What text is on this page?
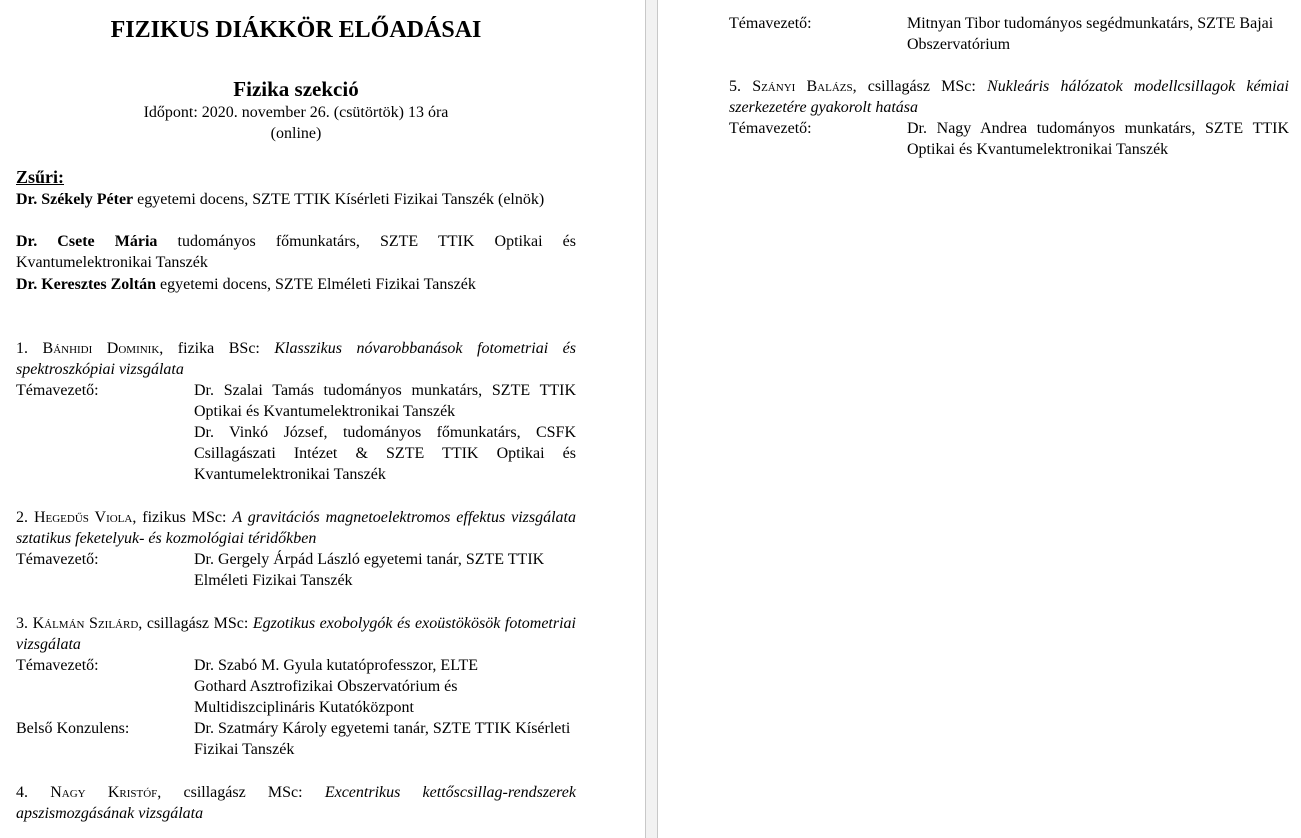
FIZIKUS DIÁKKÖR ELŐADÁSAI
Fizika szekció
Időpont: 2020. november 26. (csütörtök) 13 óra
(online)
Zsűri:
Dr. Székely Péter egyetemi docens, SZTE TTIK Kísérleti Fizikai Tanszék (elnök)
Dr. Csete Mária tudományos főmunkatárs, SZTE TTIK Optikai és Kvantumelektronikai Tanszék
Dr. Keresztes Zoltán egyetemi docens, SZTE Elméleti Fizikai Tanszék
1. Bánhidi Dominik, fizika BSc: Klasszikus nóvarobbanások fotometriai és spektroszkópiai vizsgálata
Témavezető:	Dr. Szalai Tamás tudományos munkatárs, SZTE TTIK Optikai és Kvantumelektronikai Tanszék
Dr. Vinkó József, tudományos főmunkatárs, CSFK Csillagászati Intézet & SZTE TTIK Optikai és Kvantumelektronikai Tanszék
2. Hegedűs Viola, fizikus MSc: A gravitációs magnetoelektromos effektus vizsgálata sztatikus feketelyuk- és kozmológiai téridőkben
Témavezető:	Dr. Gergely Árpád László egyetemi tanár, SZTE TTIK Elméleti Fizikai Tanszék
3. Kálmán Szilárd, csillagász MSc: Egzotikus exobolygók és exoüstökösök fotometriai vizsgálata
Témavezető:	Dr. Szabó M. Gyula kutatóprofesszor, ELTE Gothard Asztrofizikai Obszervatórium és Multidiszciplináris Kutatóközpont
Belső Konzulens:	Dr. Szatmáry Károly egyetemi tanár, SZTE TTIK Kísérleti Fizikai Tanszék
4. Nagy Kristóf, csillagász MSc: Excentrikus kettőscsillag-rendszerek apszismozgásának vizsgálata
Témavezető:	Mitnyan Tibor tudományos segédmunkatárs, SZTE Bajai Obszervatórium
5. Szányi Balázs, csillagász MSc: Nukleáris hálózatok modellcsillagok kémiai szerkezetére gyakorolt hatása
Témavezető:	Dr. Nagy Andrea tudományos munkatárs, SZTE TTIK Optikai és Kvantumelektronikai Tanszék
